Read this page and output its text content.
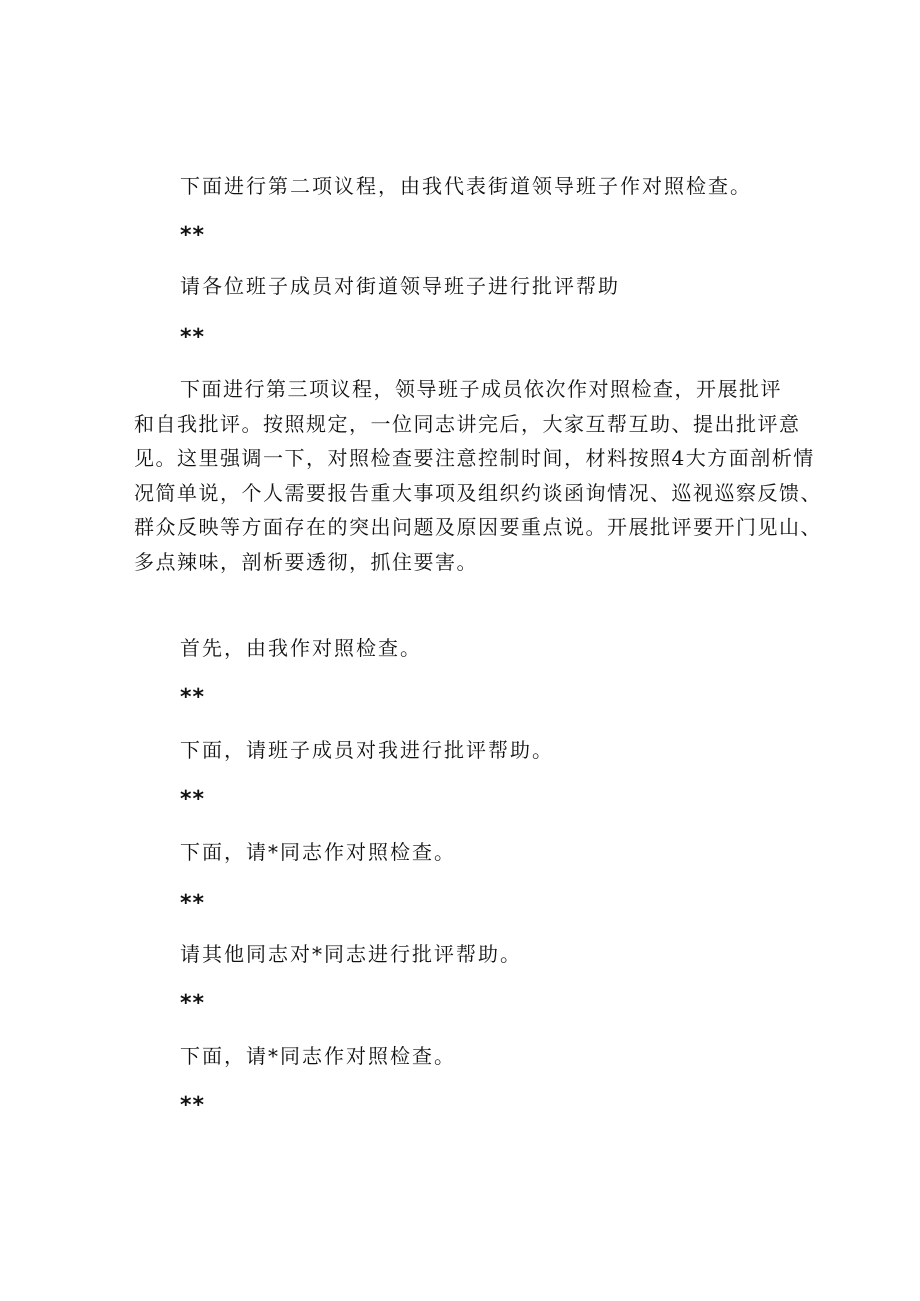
下面进行第二项议程，由我代表街道领导班子作对照检查。

**

请各位班子成员对街道领导班子进行批评帮助

**

下面进行第三项议程，领导班子成员依次作对照检查，开展批评
和自我批评。按照规定，一位同志讲完后，大家互帮互助、提出批评意
见。这里强调一下，对照检查要注意控制时间，材料按照4大方面剖析情
况简单说，个人需要报告重大事项及组织约谈函询情况、巡视巡察反馈、
群众反映等方面存在的突出问题及原因要重点说。开展批评要开门见山、
多点辣味，剖析要透彻，抓住要害。

首先，由我作对照检查。

**

下面，请班子成员对我进行批评帮助。

**

下面，请*同志作对照检查。

**

请其他同志对*同志进行批评帮助。

**

下面，请*同志作对照检查。

**
